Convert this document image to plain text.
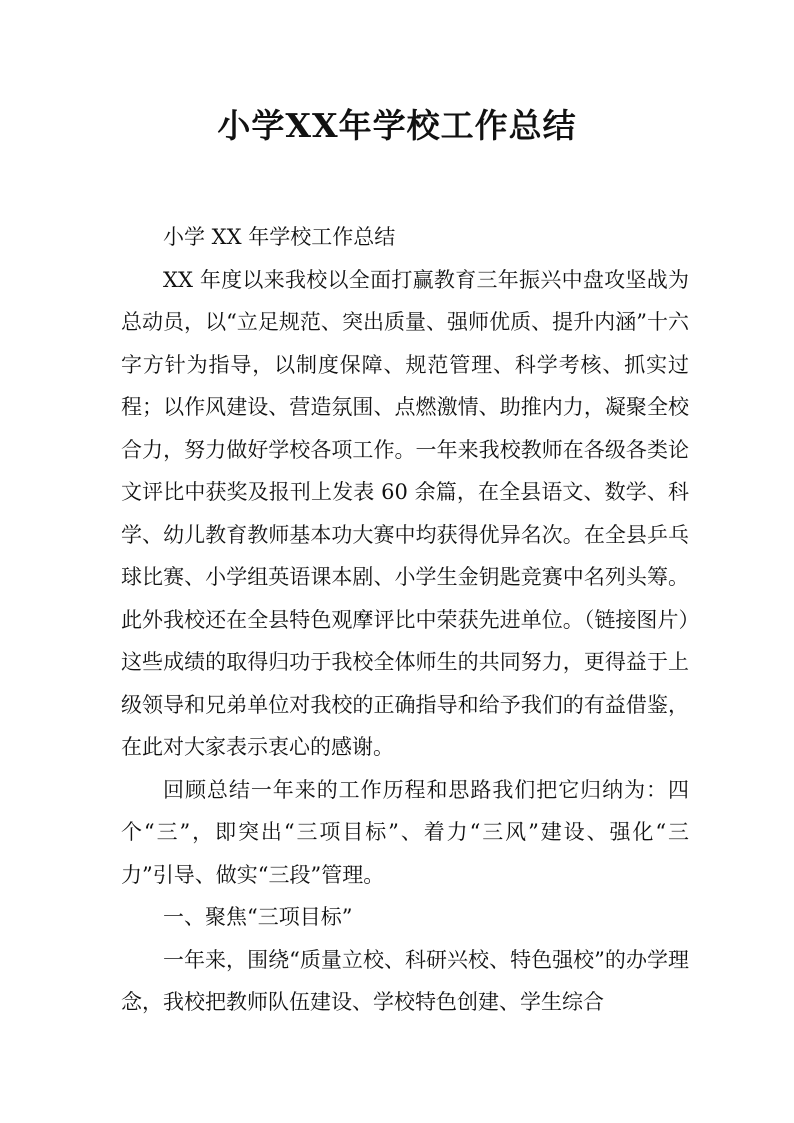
小学XX年学校工作总结

小学 XX 年学校工作总结

XX 年度以来我校以全面打赢教育三年振兴中盘攻坚战为总动员，以“立足规范、突出质量、强师优质、提升内涵”十六字方针为指导，以制度保障、规范管理、科学考核、抓实过程；以作风建设、营造氛围、点燃激情、助推内力，凝聚全校合力，努力做好学校各项工作。一年来我校教师在各级各类论文评比中获奖及报刊上发表 60 余篇，在全县语文、数学、科学、幼儿教育教师基本功大赛中均获得优异名次。在全县乒乓球比赛、小学组英语课本剧、小学生金钥匙竞赛中名列头筹。此外我校还在全县特色观摩评比中荣获先进单位。（链接图片）这些成绩的取得归功于我校全体师生的共同努力，更得益于上级领导和兄弟单位对我校的正确指导和给予我们的有益借鉴，在此对大家表示衷心的感谢。

回顾总结一年来的工作历程和思路我们把它归纳为：四个“三”，即突出“三项目标”、着力“三风”建设、强化“三力”引导、做实“三段”管理。

一、聚焦“三项目标”

一年来，围绕“质量立校、科研兴校、特色强校”的办学理念，我校把教师队伍建设、学校特色创建、学生综合
